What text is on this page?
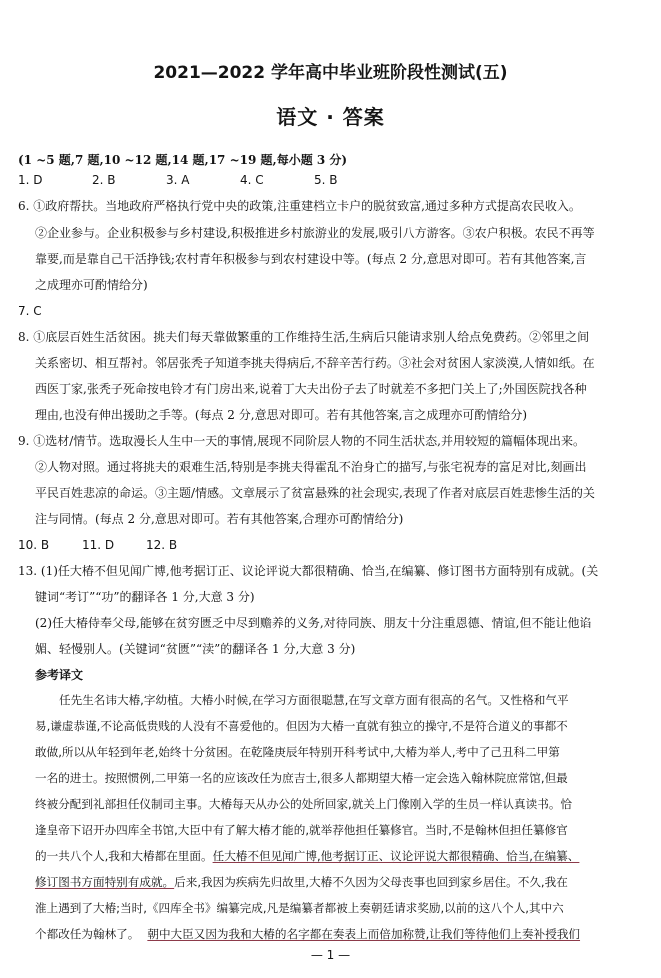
2021—2022 学年高中毕业班阶段性测试(五)
语文 · 答案
(1 ~5 题,7 题,10 ~12 题,14 题,17 ~19 题,每小题 3 分)
1. D	2. B	3. A	4. C	5. B
6. ①政府帮扶。当地政府严格执行党中央的政策,注重建档立卡户的脱贫致富,通过多种方式提高农民收入。
②企业参与。企业积极参与乡村建设,积极推进乡村旅游业的发展,吸引八方游客。③农户积极。农民不再等
靠要,而是靠自己干活挣钱;农村青年积极参与到农村建设中等。(每点 2 分,意思对即可。若有其他答案,言
之成理亦可酌情给分)
7. C
8. ①底层百姓生活贫困。挑夫们每天靠做繁重的工作维持生活,生病后只能请求别人给点免费药。②邻里之间
关系密切、相互帮衬。邻居张秃子知道李挑夫得病后,不辞辛苦行药。③社会对贫困人家淡漠,人情如纸。在
西医丁家,张秃子死命按电铃才有门房出来,说着丁大夫出份子去了时就差不多把门关上了;外国医院找各种
理由,也没有伸出援助之手等。(每点 2 分,意思对即可。若有其他答案,言之成理亦可酌情给分)
9. ①选材/情节。选取漫长人生中一天的事情,展现不同阶层人物的不同生活状态,并用较短的篇幅体现出来。
②人物对照。通过将挑夫的艰难生活,特别是李挑夫得霍乱不治身亡的描写,与张宅祝寿的富足对比,刻画出
平民百姓悲凉的命运。③主题/情感。文章展示了贫富悬殊的社会现实,表现了作者对底层百姓悲惨生活的关
注与同情。(每点 2 分,意思对即可。若有其他答案,合理亦可酌情给分)
10. B	11. D	12. B
13. (1)任大椿不但见闻广博,他考据订正、议论评说大都很精确、恰当,在编纂、修订图书方面特别有成就。(关
键词“考订”“功”的翻译各 1 分,大意 3 分)
(2)任大椿侍奉父母,能够在贫穷匮乏中尽到赡养的义务,对待同族、朋友十分注重恩德、情谊,但不能让他谄
媚、轻慢别人。(关键词“贫匮”“渎”的翻译各 1 分,大意 3 分)
参考译文
任先生名讳大椿,字幼植。大椿小时候,在学习方面很聪慧,在写文章方面有很高的名气。又性格和气平
易,谦虚恭谨,不论高低贵贱的人没有不喜爱他的。但因为大椿一直就有独立的操守,不是符合道义的事都不
敢做,所以从年轻到年老,始终十分贫困。在乾隆庚辰年特别开科考试中,大椿为举人,考中了己丑科二甲第
一名的进士。按照惯例,二甲第一名的应该改任为庶吉士,很多人都期望大椿一定会选入翰林院庶常馆,但最
终被分配到礼部担任仪制司主事。大椿每天从办公的处所回家,就关上门像刚入学的生员一样认真读书。恰
逢皇帝下诏开办四库全书馆,大臣中有了解大椿才能的,就举荐他担任纂修官。当时,不是翰林但担任纂修官
的一共八个人,我和大椿都在里面。任大椿不但见闻广博,他考据订正、议论评说大都很精确、恰当,在编纂、
修订图书方面特别有成就。后来,我因为疾病先归故里,大椿不久因为父母丧事也回到家乡居住。不久,我在
淮上遇到了大椿;当时,《四库全书》编纂完成,凡是编纂者都被上奏朝廷请求奖励,以前的这八个人,其中六
个都改任为翰林了。 朝中大臣又因为我和大椿的名字都在奏表上而倍加称赞,让我们等待他们上奏补授我们
— 1 —
